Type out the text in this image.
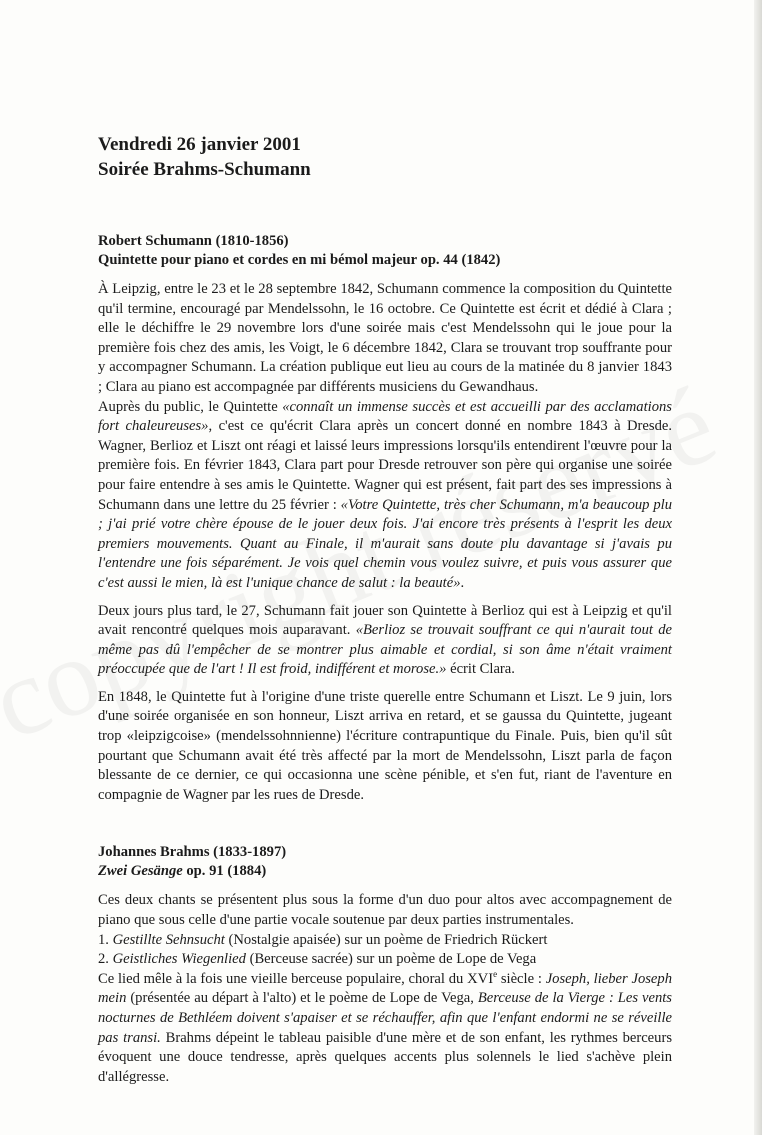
Vendredi 26 janvier 2001

Soirée Brahms-Schumann

Robert Schumann (1810-1856)
Quintette pour piano et cordes en mi bémol majeur op. 44 (1842)

À Leipzig, entre le 23 et le 28 septembre 1842, Schumann commence la composition du Quintette qu'il termine, encouragé par Mendelssohn, le 16 octobre. Ce Quintette est écrit et dédié à Clara ; elle le déchiffre le 29 novembre lors d'une soirée mais c'est Mendelssohn qui le joue pour la première fois chez des amis, les Voigt, le 6 décembre 1842, Clara se trouvant trop souffrante pour y accompagner Schumann. La création publique eut lieu au cours de la matinée du 8 janvier 1843 ; Clara au piano est accompagnée par différents musiciens du Gewandhaus.

Auprès du public, le Quintette «connaît un immense succès et est accueilli par des acclamations fort chaleureuses», c'est ce qu'écrit Clara après un concert donné en nombre 1843 à Dresde. Wagner, Berlioz et Liszt ont réagi et laissé leurs impressions lorsqu'ils entendirent l'œuvre pour la première fois. En février 1843, Clara part pour Dresde retrouver son père qui organise une soirée pour faire entendre à ses amis le Quintette. Wagner qui est présent, fait part des ses impressions à Schumann dans une lettre du 25 février : «Votre Quintette, très cher Schumann, m'a beaucoup plu ; j'ai prié votre chère épouse de le jouer deux fois. J'ai encore très présents à l'esprit les deux premiers mouvements. Quant au Finale, il m'aurait sans doute plu davantage si j'avais pu l'entendre une fois séparément. Je vois quel chemin vous voulez suivre, et puis vous assurer que c'est aussi le mien, là est l'unique chance de salut : la beauté».

Deux jours plus tard, le 27, Schumann fait jouer son Quintette à Berlioz qui est à Leipzig et qu'il avait rencontré quelques mois auparavant. «Berlioz se trouvait souffrant ce qui n'aurait tout de même pas dû l'empêcher de se montrer plus aimable et cordial, si son âme n'était vraiment préoccupée que de l'art ! Il est froid, indifférent et morose.» écrit Clara.

En 1848, le Quintette fut à l'origine d'une triste querelle entre Schumann et Liszt. Le 9 juin, lors d'une soirée organisée en son honneur, Liszt arriva en retard, et se gaussa du Quintette, jugeant trop «leipzigcoise» (mendelssohnnienne) l'écriture contrapuntique du Finale. Puis, bien qu'il sût pourtant que Schumann avait été très affecté par la mort de Mendelssohn, Liszt parla de façon blessante de ce dernier, ce qui occasionna une scène pénible, et s'en fut, riant de l'aventure en compagnie de Wagner par les rues de Dresde.

Johannes Brahms (1833-1897)
Zwei Gesänge op. 91 (1884)

Ces deux chants se présentent plus sous la forme d'un duo pour altos avec accompagnement de piano que sous celle d'une partie vocale soutenue par deux parties instrumentales.

1. Gestillte Sehnsucht (Nostalgie apaisée) sur un poème de Friedrich Rückert

2. Geistliches Wiegenlied (Berceuse sacrée) sur un poème de Lope de Vega

Ce lied mêle à la fois une vieille berceuse populaire, choral du XVIe siècle : Joseph, lieber Joseph mein (présentée au départ à l'alto) et le poème de Lope de Vega, Berceuse de la Vierge : Les vents nocturnes de Bethléem doivent s'apaiser et se réchauffer, afin que l'enfant endormi ne se réveille pas transi. Brahms dépeint le tableau paisible d'une mère et de son enfant, les rythmes berceurs évoquent une douce tendresse, après quelques accents plus solennels le lied s'achève plein d'allégresse.
